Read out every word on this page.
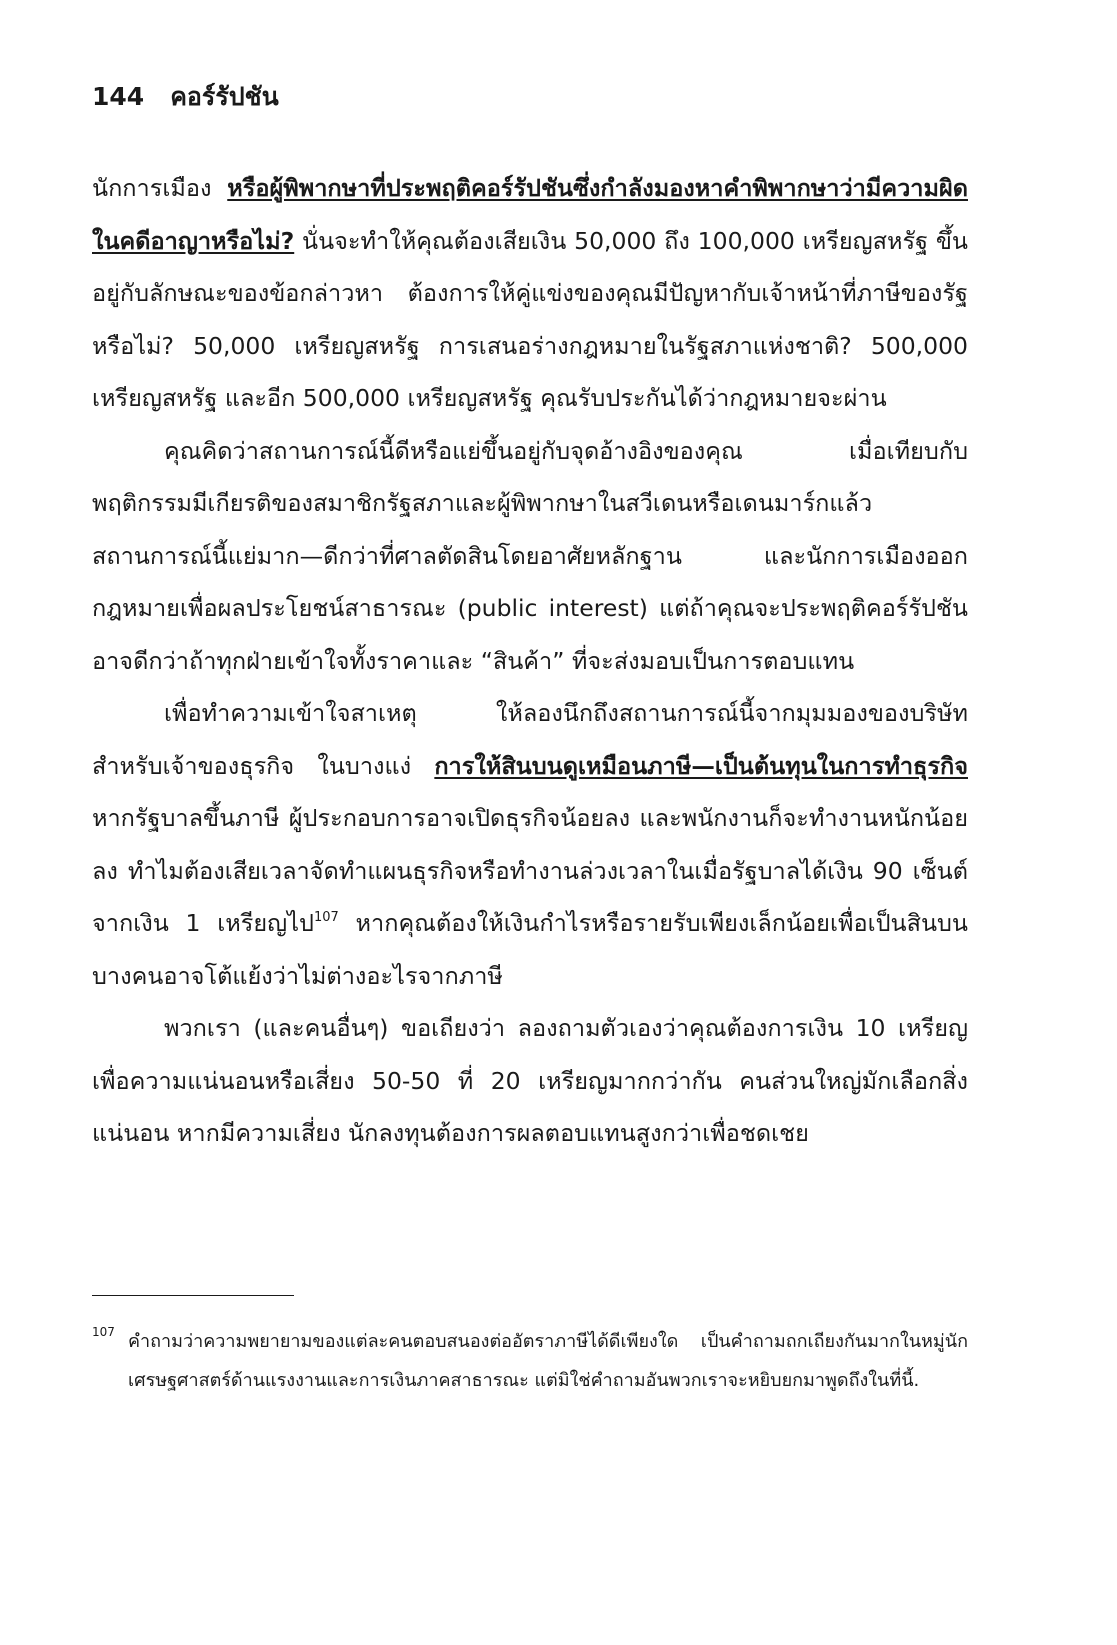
144 คอร์รัปชัน

นักการเมือง หรือผู้พิพากษาที่ประพฤติคอร์รัปชันซึ่งกำลังมองหาคำพิพากษาว่ามีความผิดในคดีอาญาหรือไม่? นั่นจะทำให้คุณต้องเสียเงิน 50,000 ถึง 100,000 เหรียญสหรัฐ ขึ้นอยู่กับลักษณะของข้อกล่าวหา ต้องการให้คู่แข่งของคุณมีปัญหากับเจ้าหน้าที่ภาษีของรัฐหรือไม่? 50,000 เหรียญสหรัฐ การเสนอร่างกฎหมายในรัฐสภาแห่งชาติ? 500,000 เหรียญสหรัฐ และอีก 500,000 เหรียญสหรัฐ คุณรับประกันได้ว่ากฎหมายจะผ่าน

คุณคิดว่าสถานการณ์นี้ดีหรือแย่ขึ้นอยู่กับจุดอ้างอิงของคุณ เมื่อเทียบกับพฤติกรรมมีเกียรติของสมาชิกรัฐสภาและผู้พิพากษาในสวีเดนหรือเดนมาร์กแล้ว สถานการณ์นี้แย่มาก—ดีกว่าที่ศาลตัดสินโดยอาศัยหลักฐาน และนักการเมืองออกกฎหมายเพื่อผลประโยชน์สาธารณะ (public interest) แต่ถ้าคุณจะประพฤติคอร์รัปชัน อาจดีกว่าถ้าทุกฝ่ายเข้าใจทั้งราคาและ “สินค้า” ที่จะส่งมอบเป็นการตอบแทน

เพื่อทำความเข้าใจสาเหตุ ให้ลองนึกถึงสถานการณ์นี้จากมุมมองของบริษัท สำหรับเจ้าของธุรกิจ ในบางแง่ การให้สินบนดูเหมือนภาษี—เป็นต้นทุนในการทำธุรกิจ หากรัฐบาลขึ้นภาษี ผู้ประกอบการอาจเปิดธุรกิจน้อยลง และพนักงานก็จะทำงานหนักน้อยลง ทำไมต้องเสียเวลาจัดทำแผนธุรกิจหรือทำงานล่วงเวลาในเมื่อรัฐบาลได้เงิน 90 เซ็นต์จากเงิน 1 เหรียญไป$^{107}$ หากคุณต้องให้เงินกำไรหรือรายรับเพียงเล็กน้อยเพื่อเป็นสินบน บางคนอาจโต้แย้งว่าไม่ต่างอะไรจากภาษี

พวกเรา (และคนอื่นๆ) ขอเถียงว่า ลองถามตัวเองว่าคุณต้องการเงิน 10 เหรียญเพื่อความแน่นอนหรือเสี่ยง 50-50 ที่ 20 เหรียญมากกว่ากัน คนส่วนใหญ่มักเลือกสิ่งแน่นอน หากมีความเสี่ยง นักลงทุนต้องการผลตอบแทนสูงกว่าเพื่อชดเชย

107 คำถามว่าความพยายามของแต่ละคนตอบสนองต่ออัตราภาษีได้ดีเพียงใด เป็นคำถามถกเถียงกันมากในหมู่นักเศรษฐศาสตร์ด้านแรงงานและการเงินภาคสาธารณะ แต่มิใช่คำถามอันพวกเราจะหยิบยกมาพูดถึงในที่นี้.
